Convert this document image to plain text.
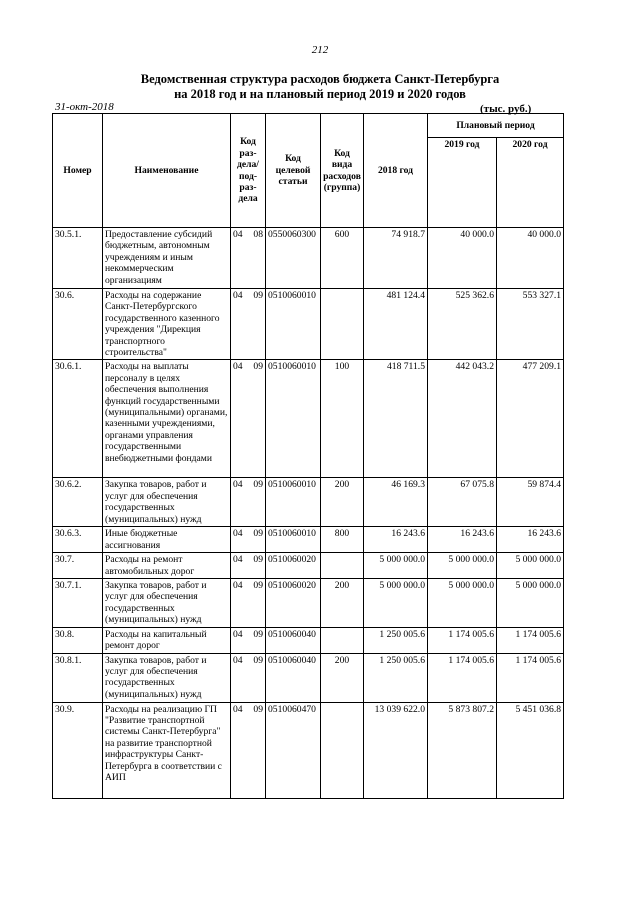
212
Ведомственная структура расходов бюджета Санкт-Петербурга
на 2018 год и на плановый период 2019 и 2020 годов
31-окт-2018	(тыс. руб.)
Номер	Наименование	Код раз-дела/ под-раз-дела	Код целевой статьи	Код вида расходов (группа)	2018 год	Плановый период	
						2019 год	2020 год
30.5.1.	Предоставление субсидий бюджетным, автономным учреждениям и иным некоммерческим организациям	04 08	0550060300	600	74 918.7	40 000.0	40 000.0
30.6.	Расходы на содержание Санкт-Петербургского государственного казенного учреждения "Дирекция транспортного строительства"	04 09	0510060010		481 124.4	525 362.6	553 327.1
30.6.1.	Расходы на выплаты персоналу в целях обеспечения выполнения функций государственными (муниципальными) органами, казенными учреждениями, органами управления государственными внебюджетными фондами	04 09	0510060010	100	418 711.5	442 043.2	477 209.1
30.6.2.	Закупка товаров, работ и услуг для обеспечения государственных (муниципальных) нужд	04 09	0510060010	200	46 169.3	67 075.8	59 874.4
30.6.3.	Иные бюджетные ассигнования	04 09	0510060010	800	16 243.6	16 243.6	16 243.6
30.7.	Расходы на ремонт автомобильных дорог	04 09	0510060020		5 000 000.0	5 000 000.0	5 000 000.0
30.7.1.	Закупка товаров, работ и услуг для обеспечения государственных (муниципальных) нужд	04 09	0510060020	200	5 000 000.0	5 000 000.0	5 000 000.0
30.8.	Расходы на капитальный ремонт дорог	04 09	0510060040		1 250 005.6	1 174 005.6	1 174 005.6
30.8.1.	Закупка товаров, работ и услуг для обеспечения государственных (муниципальных) нужд	04 09	0510060040	200	1 250 005.6	1 174 005.6	1 174 005.6
30.9.	Расходы на реализацию ГП "Развитие транспортной системы Санкт-Петербурга" на развитие транспортной инфраструктуры Санкт-Петербурга в соответствии с АИП	04 09	0510060470		13 039 622.0	5 873 807.2	5 451 036.8
